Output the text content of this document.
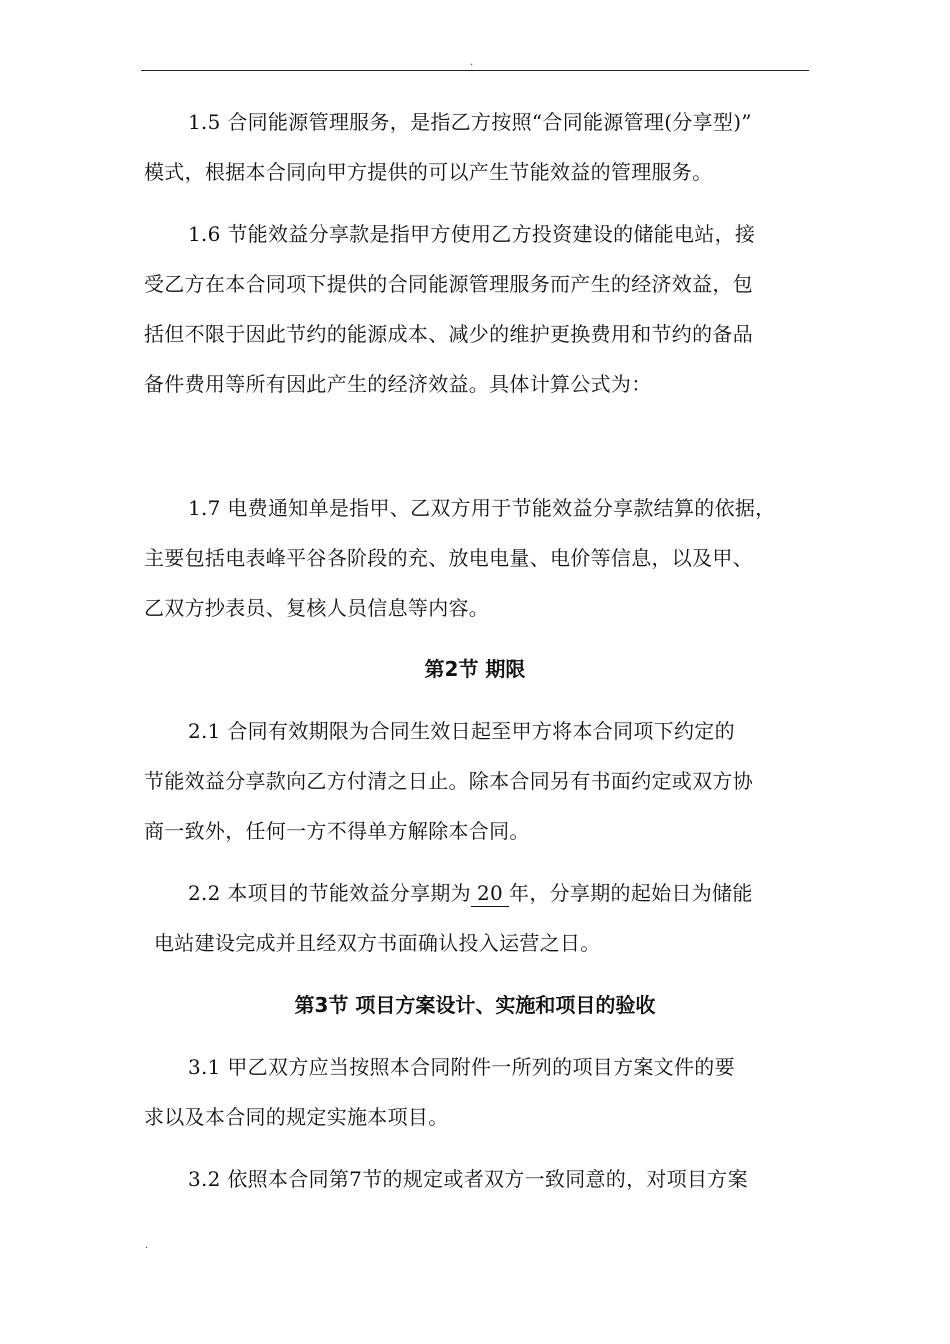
.
1.5 合同能源管理服务，是指乙方按照“合同能源管理(分享型)”
模式，根据本合同向甲方提供的可以产生节能效益的管理服务。
1.6 节能效益分享款是指甲方使用乙方投资建设的储能电站，接
受乙方在本合同项下提供的合同能源管理服务而产生的经济效益，包
括但不限于因此节约的能源成本、减少的维护更换费用和节约的备品
备件费用等所有因此产生的经济效益。具体计算公式为：
1.7 电费通知单是指甲、乙双方用于节能效益分享款结算的依据，
主要包括电表峰平谷各阶段的充、放电电量、电价等信息，以及甲、
乙双方抄表员、复核人员信息等内容。
第2节 期限
2.1 合同有效期限为合同生效日起至甲方将本合同项下约定的
节能效益分享款向乙方付清之日止。除本合同另有书面约定或双方协
商一致外，任何一方不得单方解除本合同。
2.2 本项目的节能效益分享期为 20 年，分享期的起始日为储能
电站建设完成并且经双方书面确认投入运营之日。
第3节 项目方案设计、实施和项目的验收
3.1 甲乙双方应当按照本合同附件一所列的项目方案文件的要
求以及本合同的规定实施本项目。
3.2 依照本合同第7节的规定或者双方一致同意的，对项目方案
.
